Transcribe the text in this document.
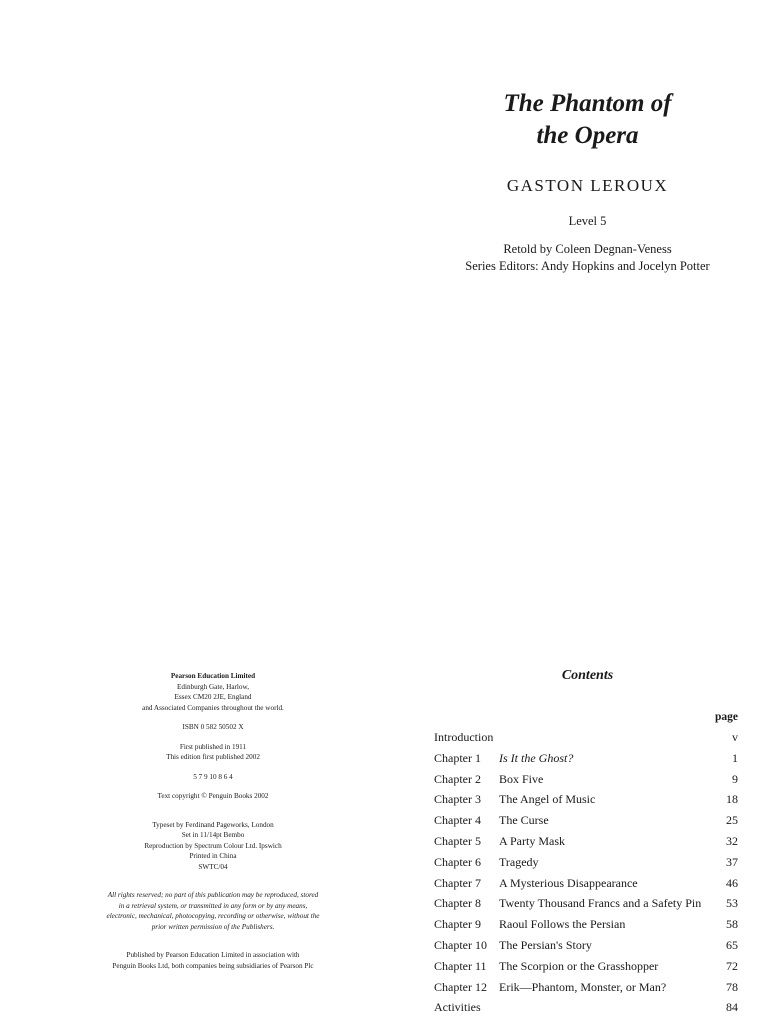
The Phantom of
the Opera
GASTON LEROUX
Level 5
Retold by Coleen Degnan-Veness
Series Editors: Andy Hopkins and Jocelyn Potter
Pearson Education Limited
Edinburgh Gate, Harlow,
Essex CM20 2JE, England
and Associated Companies throughout the world.
ISBN 0 582 50502 X
First published in 1911
This edition first published 2002
5 7 9 10 8 6 4
Text copyright © Penguin Books 2002
Typeset by Ferdinand Pageworks, London
Set in 11/14pt Bembo
Reproduction by Spectrum Colour Ltd. Ipswich
Printed in China
SWTC/04
All rights reserved; no part of this publication may be reproduced, stored
in a retrieval system, or transmitted in any form or by any means,
electronic, mechanical, photocopying, recording or otherwise, without the
prior written permission of the Publishers.
Published by Pearson Education Limited in association with
Penguin Books Ltd, both companies being subsidiaries of Pearson Plc
Contents
page
Introduction	v
Chapter 1 Is It the Ghost?	1
Chapter 2 Box Five	9
Chapter 3 The Angel of Music	18
Chapter 4 The Curse	25
Chapter 5 A Party Mask	32
Chapter 6 Tragedy	37
Chapter 7 A Mysterious Disappearance	46
Chapter 8 Twenty Thousand Francs and a Safety Pin 53
Chapter 9 Raoul Follows the Persian	58
Chapter 10 The Persian's Story	65
Chapter 11 The Scorpion or the Grasshopper	72
Chapter 12 Erik—Phantom, Monster, or Man?	78
Activities	84
